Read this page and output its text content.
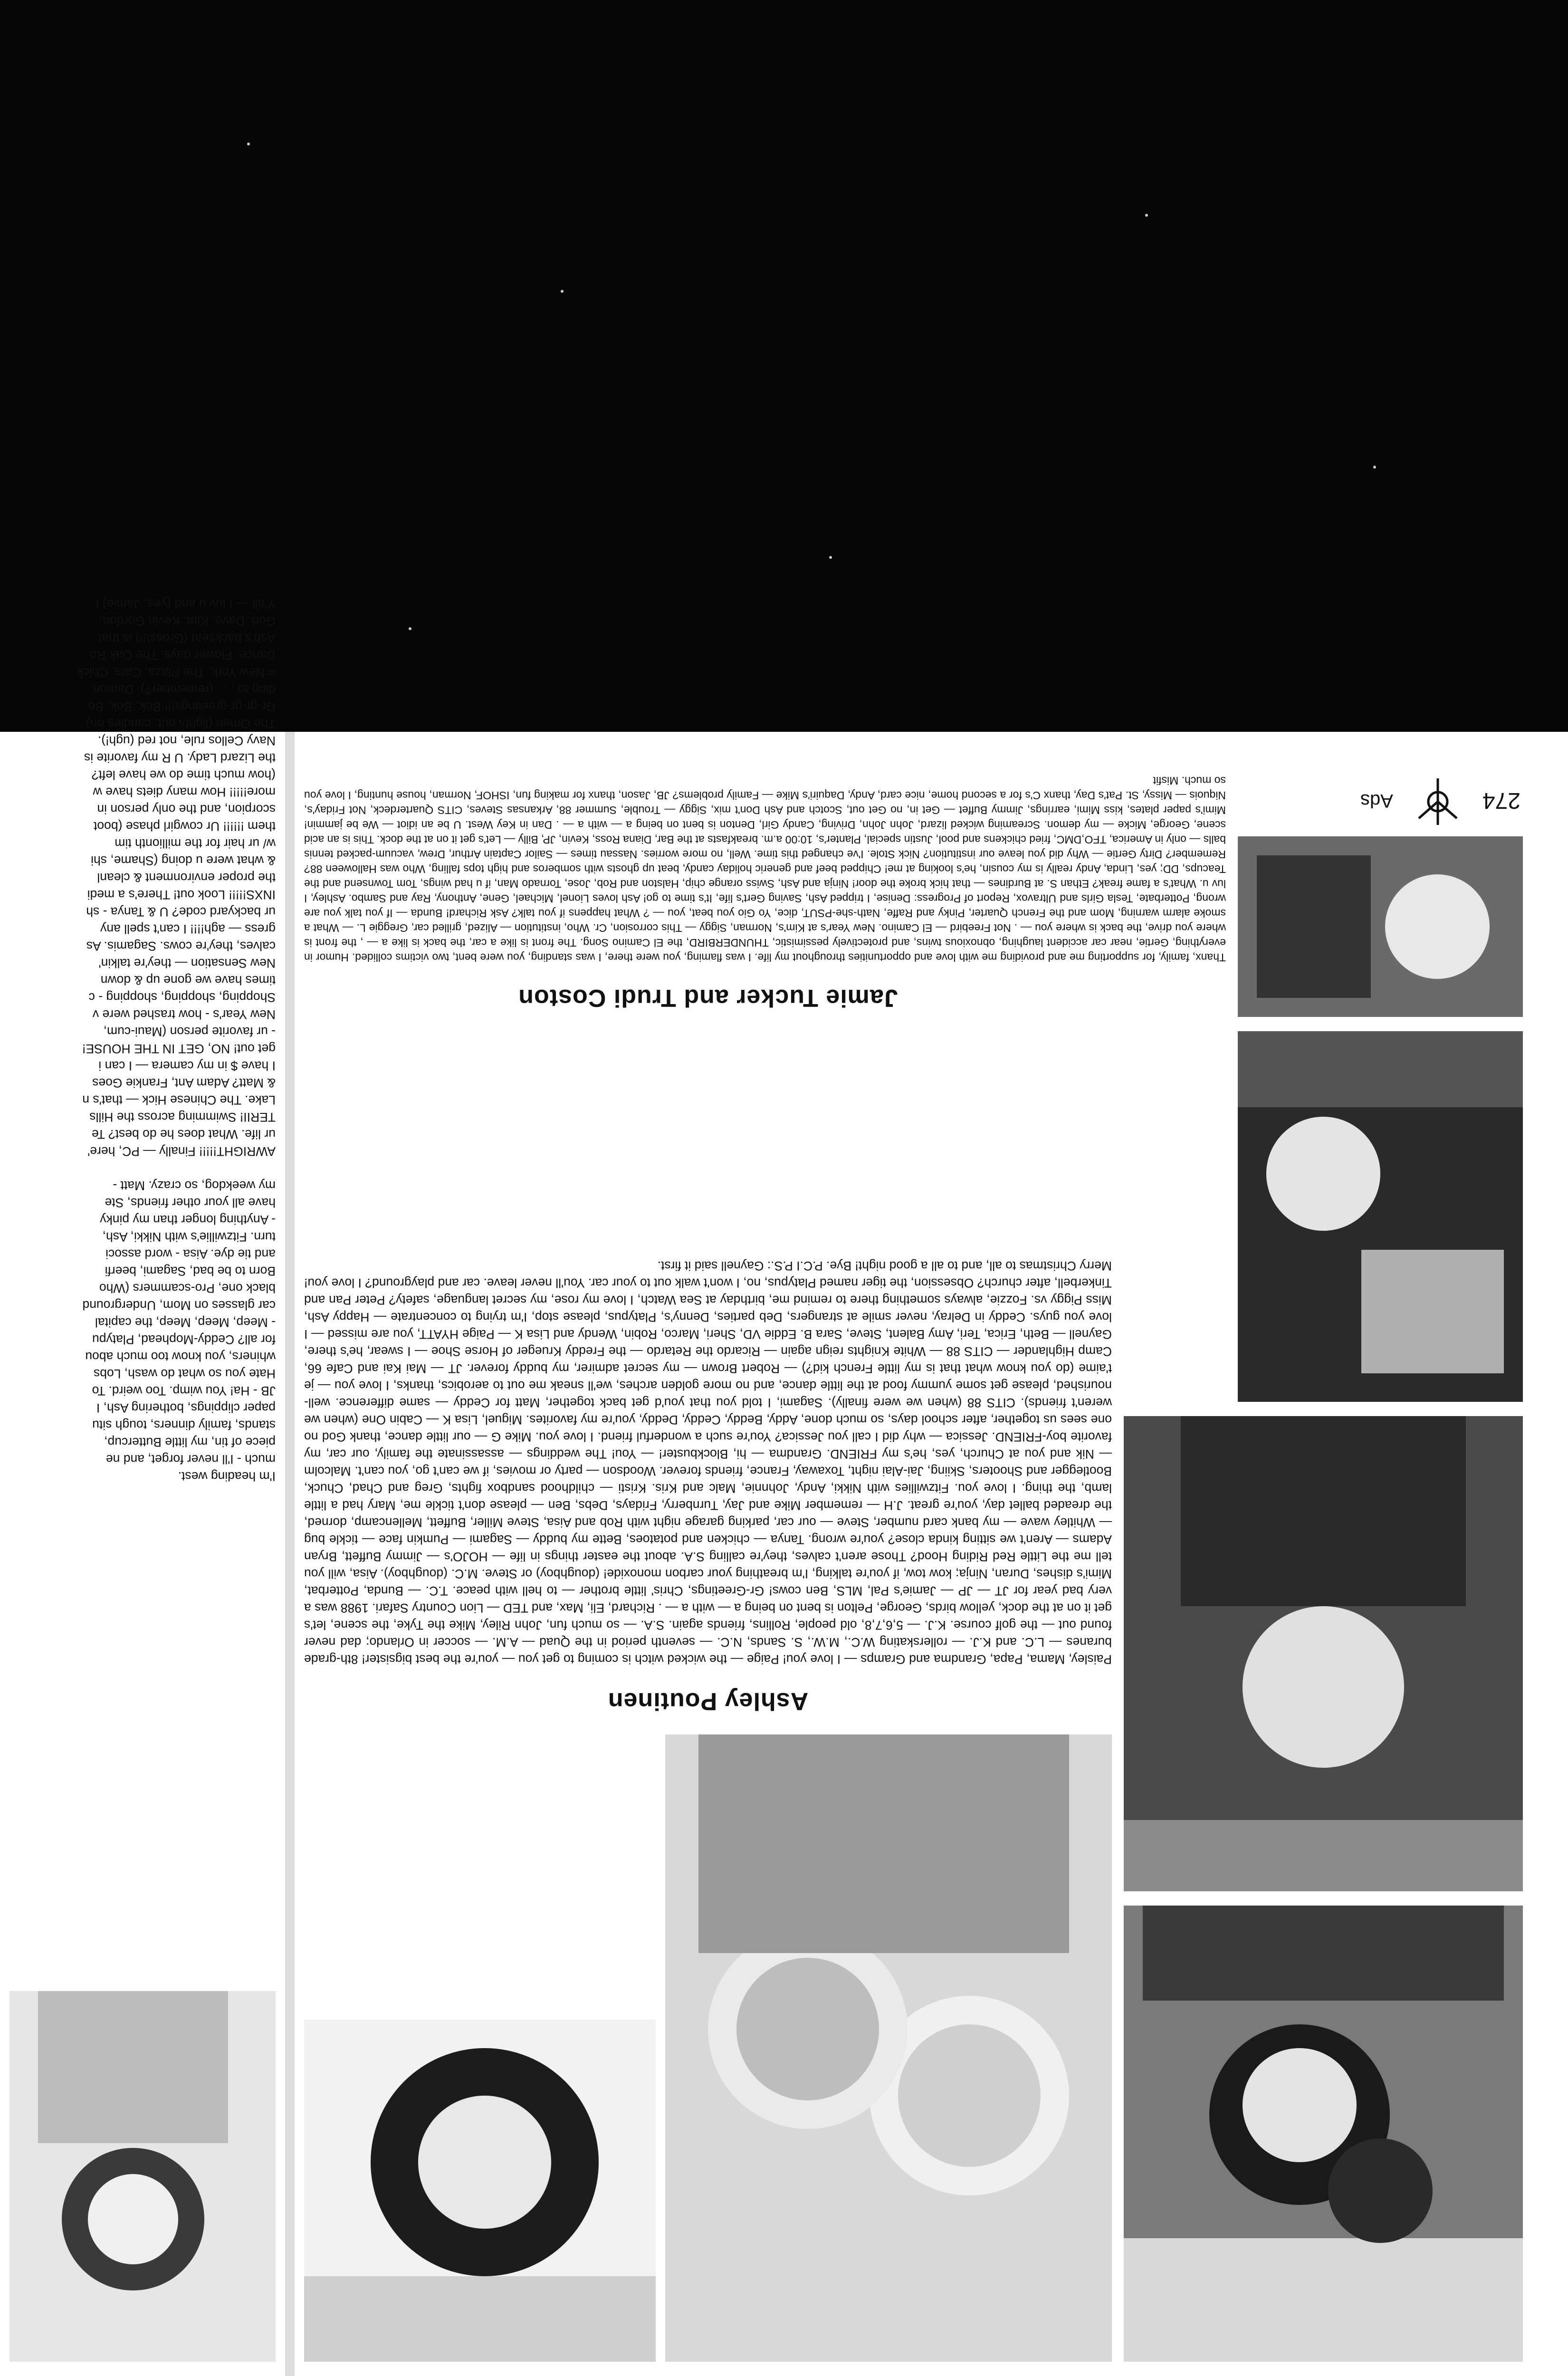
Ashley Poutinen

Paisley, Mama, Papa, Grandma and Gramps — I love you! Paige — the wicked witch is coming to get you — you're the best bigsister! 8th-grade buranes — L.C. and K.J. — rollerskating W.C., M.W., S. Sands, N.C. — seventh period in the Quad — A.M. — soccer in Orlando; dad never found out — the golf course. K.J. — 5,6,7,8, old people, Rollins, friends again. S.A. — so much fun, John Riley, Mike the Tyke, the scene, let's get it on at the dock, yellow birds, George, Pelton is bent on being a — with a — . Richard, Eli, Max, and TED — Lion Country Safari. 1988 was a very bad year for JT — JP — Jamie's Pal, MLS, Ben cows! Gr-Greetings, Chris' little brother — to hell with peace. T.C. — Bunda, Potterbat, Mimi's dishes, Duran, Ninja; kow tow, if you're talking, I'm breathing your carbon monoxide! (doughboy) or Steve. M.C. (doughboy). Aisa, will you tell me the Little Red Riding Hood? Those aren't calves, they're calling S.A. about the easter things in life — HOJO's — Jimmy Buffett, Bryan Adams — Aren't we sitting kinda close? you're wrong. Tanya — chicken and potatoes, Bette my buddy — Sagami — Pumkin face — tickle bug — Whitley wave — my bank card number, Steve — our car, parking garage night with Rob and Aisa, Steve Miller, Buffett, Mellencamp, dorned, the dreaded ballet day, you're great. J.H — remember Mike and Jay, Turnberry, Fridays, Debs, Ben — please don't tickle me, Mary had a little lamb, the thing. I love you. Fitzwillies with Nikki, Andy, Johnnie, Malc and Kris. Kristi — childhood sandbox fights, Greg and Chad, Chuck, Bootlegger and Shooters, Skiing, Jai-Alai night, Toxaway, France, friends forever. Woodson — party or movies, if we can't go, you can't. Malcolm — Nik and you at Church, yes, he's my FRIEND. Grandma — hi, Blockbuster! — You! The weddings — assassinate the family, our car, my favorite boy-FRIEND. Jessica — why did I call you Jessica? You're such a wonderful friend. I love you. Mike G — our little dance, thank God no one sees us together, after school days, so much done, Addy, Beddy, Ceddy, Deddy, you're my favorites. Miguel, Lisa K — Cabin One (when we weren't friends). CITS 88 (when we were finally). Sagami, I told you that you'd get back together, Matt for Ceddy — same difference. well-nourished, please get some yummy food at the little dance, and no more golden arches, we'll sneak me out to aerobics, thanks, I love you — je t'aime (do you know what that is my little French kid?) — Robert Brown — my secret admirer, my buddy forever. JT — Mai Kai and Cafe 66, Camp Highlander — CITS 88 — White Knights reign again — Ricardo the Retardo — the Freddy Krueger of Horse Shoe — I swear, he's there, Gaynell — Beth, Erica, Teri, Amy Balent, Steve, Sara B. Eddie VD, Sheri, Marco, Robin, Wendy and Lisa K — Paige HYATT, you are missed — I love you guys. Ceddy in Delray, never smile at strangers, Deb parties, Denny's, Platypus, please stop, I'm trying to concentrate — Happy Ash, Miss Piggy vs. Fozzie, always something there to remind me, birthday at Sea Watch, I love my rose, my secret language, safety? Peter Pan and Tinkerbell, after church? Obsession, the tiger named Platypus, no, I won't walk out to your car. You'll never leave. car and playground? I love you! Merry Christmas to all, and to all a good night! Bye. P.C.I P.S.: Gaynell said it first.

Jamie Tucker and Trudi Coston

Thanx, family, for supporting me and providing me with love and opportunities throughout my life. I was flaming, you were there, I was standing, you were bent, two victims collided. Humor in everything, Gertie, near car accident laughing, obnoxious twins, and protectively pessimistic, THUNDERBIRD, the El Camino Song. The front is like a car, the back is like a — , the front is where you drive, the back is where you — . Not Freebird — El Camino. New Year's at Kim's, Norman, Siggy — This corrosion, Cr. Who, institution — Alized, grilled car, Greggie L. — What a smoke alarm warning, Mom and the French Quarter, Pinky and Raffe, Nath-she-PSUT, dice, Yo Gio you beat, you — ? What happens if you talk? Ask Richard! Bunda — If you talk you are wrong, Potterbate, Tesla Girls and Ultravox, Report of Progress: Denise, I tripped Ash, Saving Gert's life, It's time to go! Ash loves Lionel, Michael, Gene, Anthony, Ray and Sambo. Ashley, I luv u. What's a fame freak? Ethan S. at Burdines — that hick broke the door! Ninja and Ash, Swiss orange chip, Halston and Rob, Jose, Tornado Man, if u had wings, Tom Townsend and the Teacups, DD; yes, Linda, Andy really is my cousin, he's looking at me! Chipped beef and generic holiday candy, beat up ghosts with somberos and high tops falling, Who was Halloween 88? Remember? Dirty Gertie — Why did you leave our institution? Nick Stole. I've changed this time. Well, no more worries. Nassau times — Sailor Captain Arthur, Drew, vacuum-packed tennis balls — only in America, TFO,DMC, fried chickens and pool, Justin special, Planter's, 10:00 a.m. breakfasts at the Bar, Diana Ross, Kevin, JP, Billy — Let's get it on at the dock. This is an acid scene, George, Micke — my demon. Screaming wicked lizard, John John, Driving, Candy Girl, Denton is bent on being a — with a — . Dan in Key West. U be an idiot — We be jammin! Mimi's paper plates, kiss Mimi, earrings, Jimmy Buffet — Get in, no Get out, Scotch and Ash Don't mix, Siggy — Trouble, Summer 88, Arkansas Steves, CITS Quarterdeck, Not Friday's, Niquois — Missy, St. Pat's Day, thanx C's for a second home, nice card, Andy, Daquiri's Mike — Family problems? JB, Jason, thanx for making fun, ISHOF, Norman, house hunting, I love you so much. Misfit

274
Ads
I'm heading west.
much - I'll never forget, and ne
piece of tin, my little Buttercup,
stands, family dinners, tough situ
paper clippings, bothering Ash, I
JB - Ha! You wimp. Too weird. To
Hate you so what do wash, Lobs
whiners, you know too much abou
for all? Ceddy-Mophead, Platypu
- Meep, Meep, Meep, the capital
car glasses on Mom, Underground
black one, Pro-scammers (Who
Born to be bad, Sagami, beerfi
and tie dye. Aisa - word associ
turn. Fitzwillie's with Nikki, Ash,
- Anything longer than my pinky
have all your other friends, Ste
my weekdog, so crazy. Matt -

AWRIGHT!!!!! Finally — PC, here'
ur life. What does he do best? Te
TERII! Swimming across the Hills
Lake. The Chinese Hick — that's n
& Matt? Adam Ant, Frankie Goes
I have $ in my camera — I can i
get out! NO, GET IN THE HOUSE!
- ur favorite person (Maui-cum,
New Year's - how trashed were v
Shopping, shopping, shopping - c
times have we gone up & down
New Sensation — they're talkin'
calves, they're cows. Sagamis. As
gress — agh!!!! I can't spell any
ur backyard code? U & Tanya - sh
INXS!!!!! Look out! There's a medi
the proper environment & cleanl
& what were u doing (Shame, shi
w/ ur hair for the millionth tim
them !!!!!! Ur cowgirl phase (boot
scorpion, and the only person in
more!!!!! How many diets have w
(how much time do we have left?
the Lizard Lady. U R my favorite is
Navy Cellos rule, not red (ugh!).
The Omen (lights out, candles on)
Gr-gr-gr-greetings!!! Bok, Bok, Bo
ding to . . . (remember?). Damon
= New York, The Plaza, Cats, Chick
Dance, Flower days, The Oak Ro
Ash's backseat (Gross!!!) is that
God. Dave, Kim, Kevin Gordon,
Y'all — I luv u and (yes, Jamie) I
